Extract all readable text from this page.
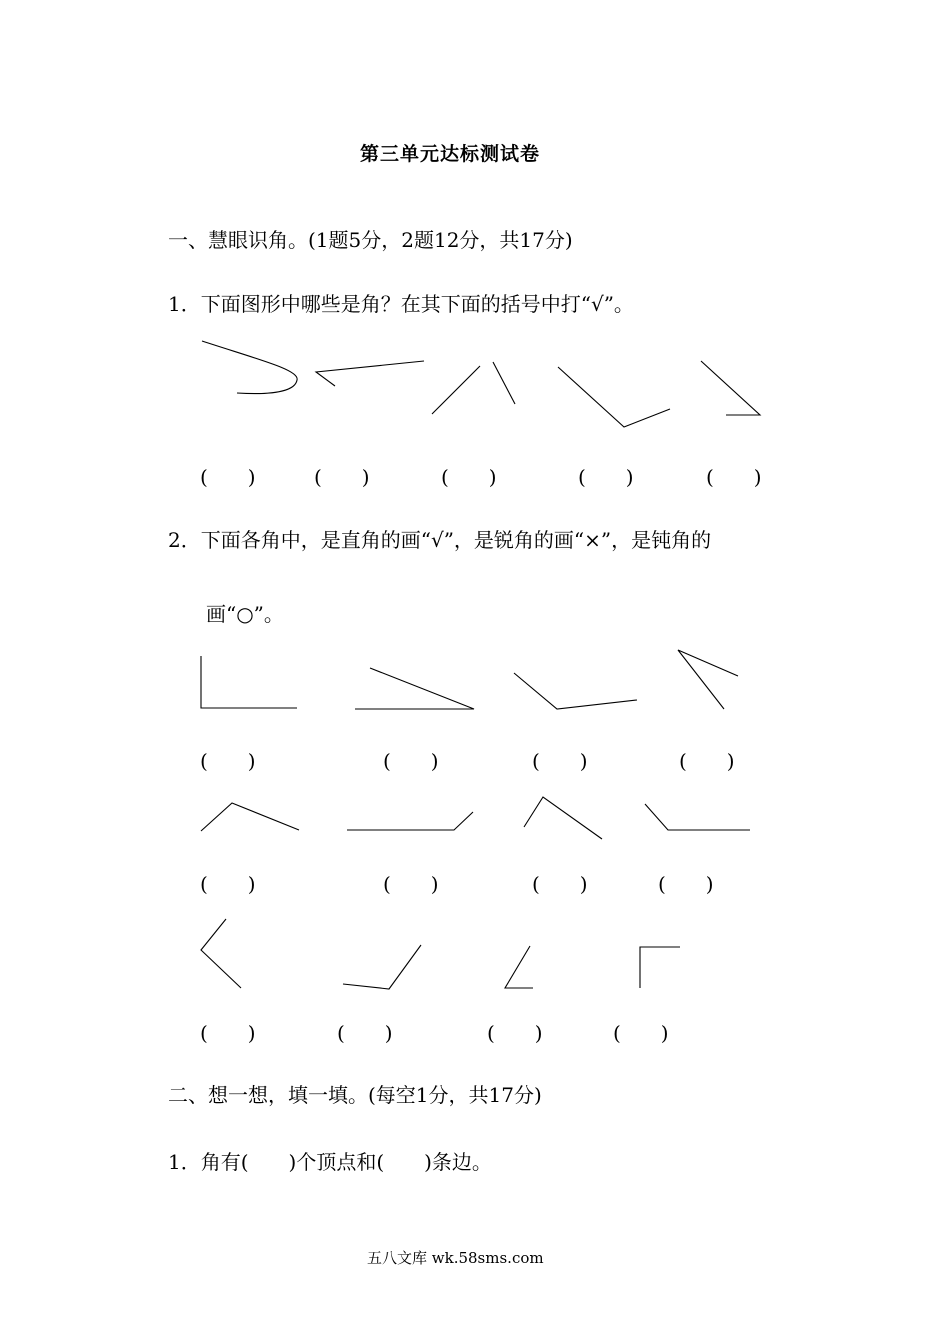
第三单元达标测试卷
一、慧眼识角。(1题5分，2题12分，共17分)
1．下面图形中哪些是角？在其下面的括号中打“√”。
(　　)	(　　)	(　　)	(　　)	(　　)
2．下面各角中，是直角的画“√”，是锐角的画“×”，是钝角的
画“○”。
(　　)	(　　)	(　　)	(　　)
(　　)	(　　)	(　　)	(　　)
(　　)	(　　)	(　　)	(　　)
二、想一想，填一填。(每空1分，共17分)
1．角有(　　)个顶点和(　　)条边。
五八文库 wk.58sms.com
